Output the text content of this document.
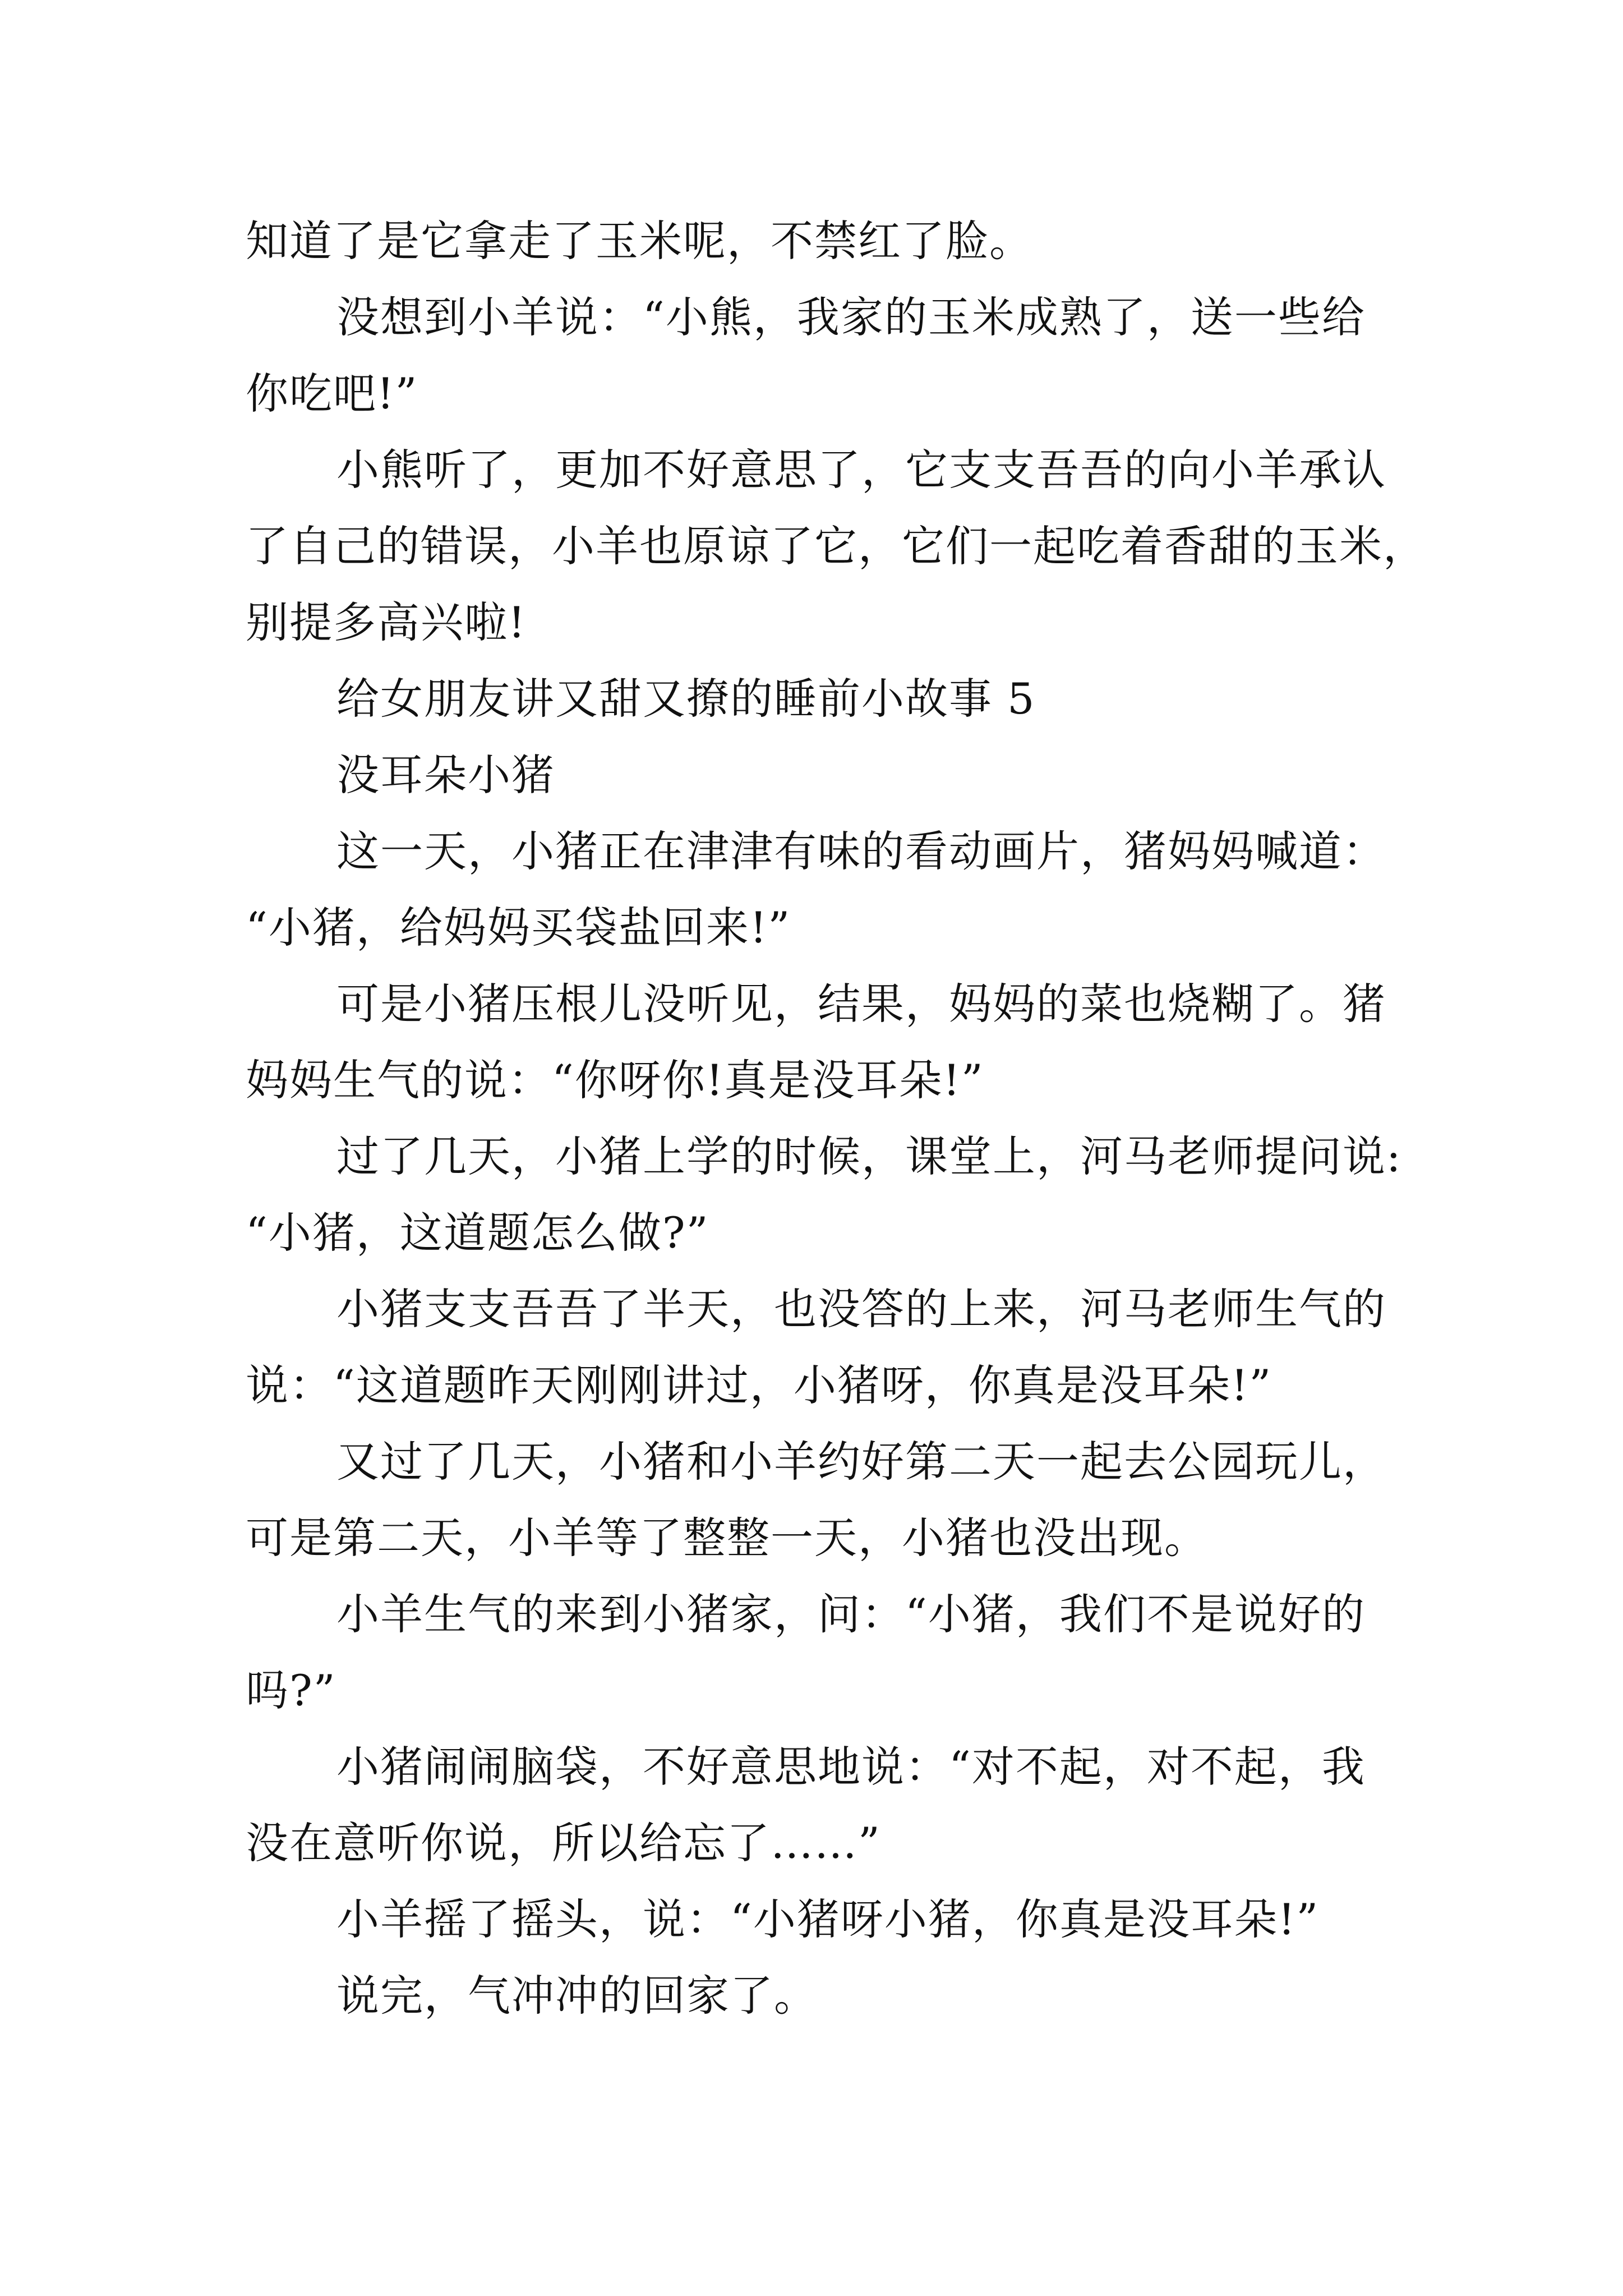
知道了是它拿走了玉米呢，不禁红了脸。
没想到小羊说：“小熊，我家的玉米成熟了，送一些给
你吃吧!”
小熊听了，更加不好意思了，它支支吾吾的向小羊承认
了自己的错误，小羊也原谅了它，它们一起吃着香甜的玉米，
别提多高兴啦!
给女朋友讲又甜又撩的睡前小故事 5
没耳朵小猪
这一天，小猪正在津津有味的看动画片，猪妈妈喊道：
“小猪，给妈妈买袋盐回来!”
可是小猪压根儿没听见，结果，妈妈的菜也烧糊了。猪
妈妈生气的说：“你呀你!真是没耳朵!”
过了几天，小猪上学的时候，课堂上，河马老师提问说:
“小猪，这道题怎么做?”
小猪支支吾吾了半天，也没答的上来，河马老师生气的
说：“这道题昨天刚刚讲过，小猪呀，你真是没耳朵!”
又过了几天，小猪和小羊约好第二天一起去公园玩儿，
可是第二天，小羊等了整整一天，小猪也没出现。
小羊生气的来到小猪家，问：“小猪，我们不是说好的
吗?”
小猪闹闹脑袋，不好意思地说：“对不起，对不起，我
没在意听你说，所以给忘了……”
小羊摇了摇头，说：“小猪呀小猪，你真是没耳朵!”
说完，气冲冲的回家了。
